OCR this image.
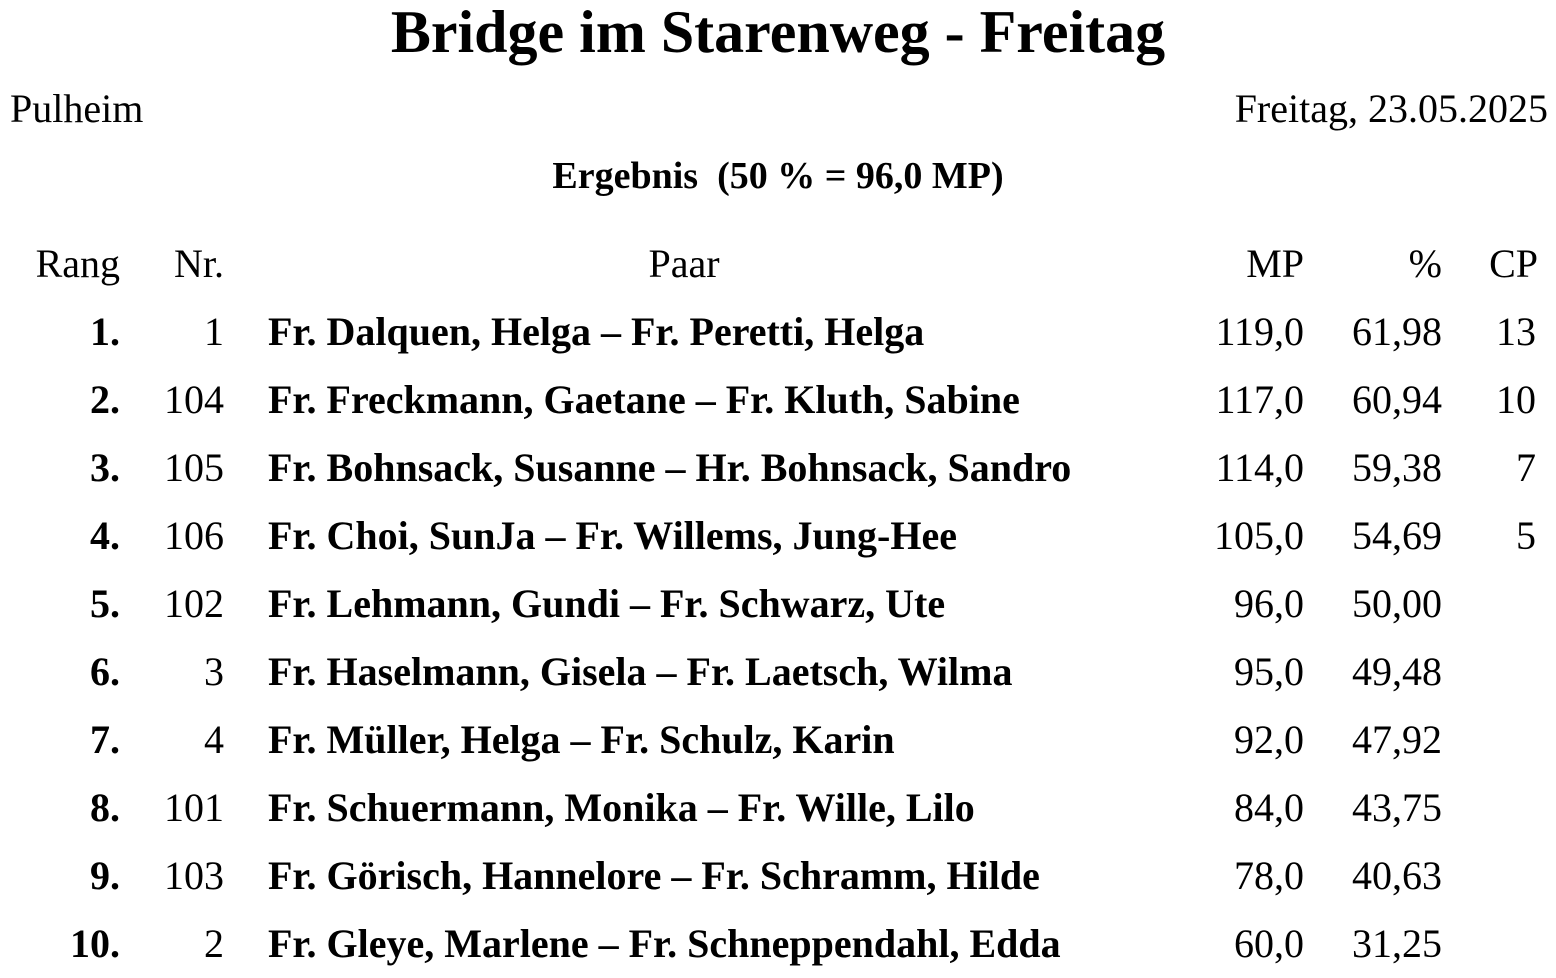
Bridge im Starenweg - Freitag
Pulheim	Freitag, 23.05.2025
Ergebnis  (50 % = 96,0 MP)
Rang	Nr.	Paar	MP	%	CP
1.	1	Fr. Dalquen, Helga – Fr. Peretti, Helga	119,0	61,98	13
2.	104	Fr. Freckmann, Gaetane – Fr. Kluth, Sabine	117,0	60,94	10
3.	105	Fr. Bohnsack, Susanne – Hr. Bohnsack, Sandro	114,0	59,38	7
4.	106	Fr. Choi, SunJa – Fr. Willems, Jung-Hee	105,0	54,69	5
5.	102	Fr. Lehmann, Gundi – Fr. Schwarz, Ute	96,0	50,00	
6.	3	Fr. Haselmann, Gisela – Fr. Laetsch, Wilma	95,0	49,48	
7.	4	Fr. Müller, Helga – Fr. Schulz, Karin	92,0	47,92	
8.	101	Fr. Schuermann, Monika – Fr. Wille, Lilo	84,0	43,75	
9.	103	Fr. Görisch, Hannelore – Fr. Schramm, Hilde	78,0	40,63	
10.	2	Fr. Gleye, Marlene – Fr. Schneppendahl, Edda	60,0	31,25	
